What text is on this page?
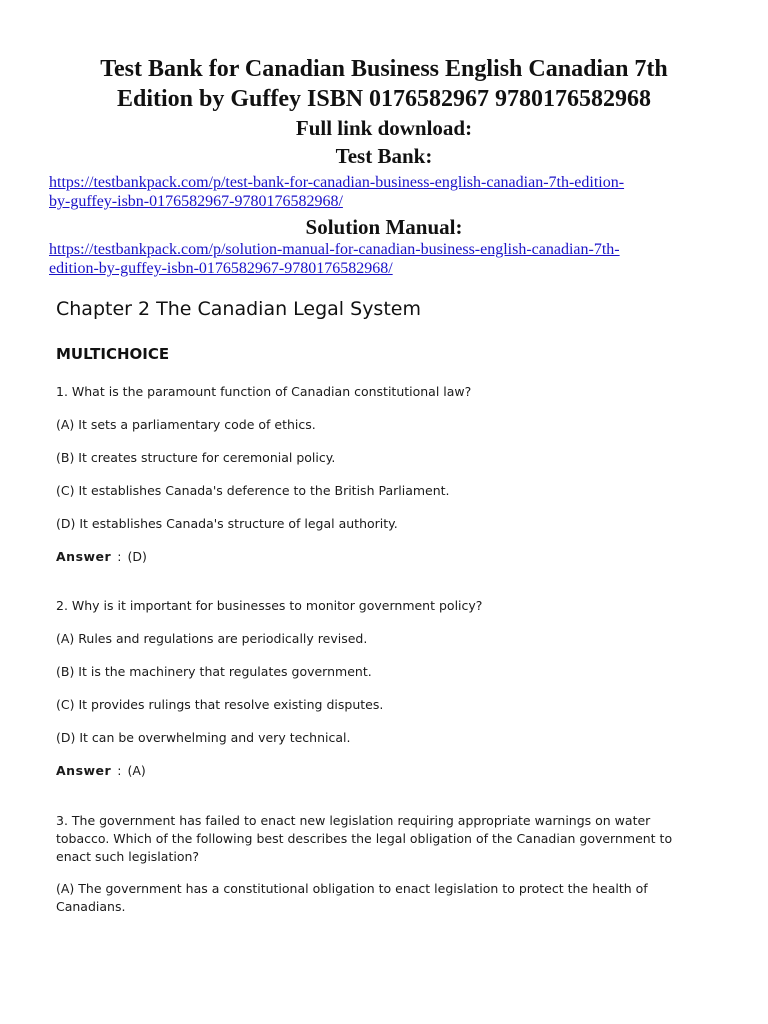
Test Bank for Canadian Business English Canadian 7th
Edition by Guffey ISBN 0176582967 9780176582968

Full link download:

Test Bank:

https://testbankpack.com/p/test-bank-for-canadian-business-english-canadian-7th-edition-
by-guffey-isbn-0176582967-9780176582968/

Solution Manual:

https://testbankpack.com/p/solution-manual-for-canadian-business-english-canadian-7th-
edition-by-guffey-isbn-0176582967-9780176582968/
Chapter 2 The Canadian Legal System
MULTICHOICE

1. What is the paramount function of Canadian constitutional law?

(A) It sets a parliamentary code of ethics.

(B) It creates structure for ceremonial policy.

(C) It establishes Canada's deference to the British Parliament.

(D) It establishes Canada's structure of legal authority.

Answer : (D)

2. Why is it important for businesses to monitor government policy?

(A) Rules and regulations are periodically revised.

(B) It is the machinery that regulates government.

(C) It provides rulings that resolve existing disputes.

(D) It can be overwhelming and very technical.

Answer : (A)

3. The government has failed to enact new legislation requiring appropriate warnings on water

tobacco. Which of the following best describes the legal obligation of the Canadian government to

enact such legislation?

(A) The government has a constitutional obligation to enact legislation to protect the health of

Canadians.
